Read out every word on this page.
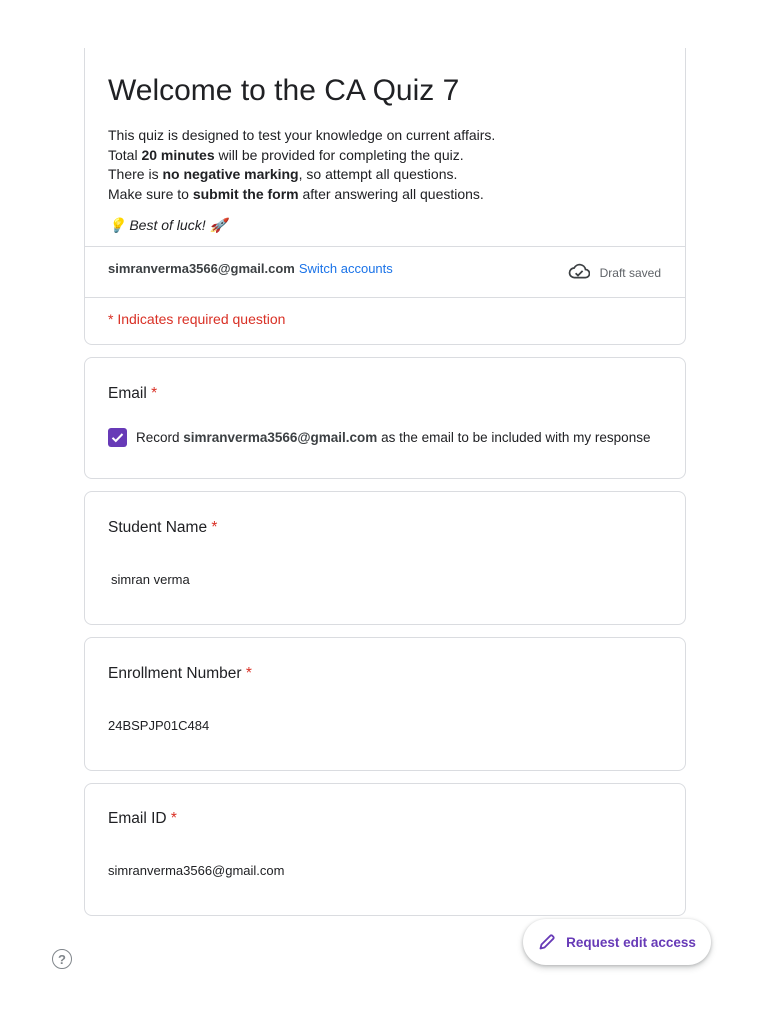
Welcome to the CA Quiz 7
This quiz is designed to test your knowledge on current affairs.
Total 20 minutes will be provided for completing the quiz.
There is no negative marking, so attempt all questions.
Make sure to submit the form after answering all questions.
💡 Best of luck! 🚀
simranverma3566@gmail.com Switch accounts	Draft saved
* Indicates required question
Email *
Record simranverma3566@gmail.com as the email to be included with my response
Student Name *
simran verma
Enrollment Number *
24BSPJP01C484
Email ID *
simranverma3566@gmail.com
Request edit access
?
